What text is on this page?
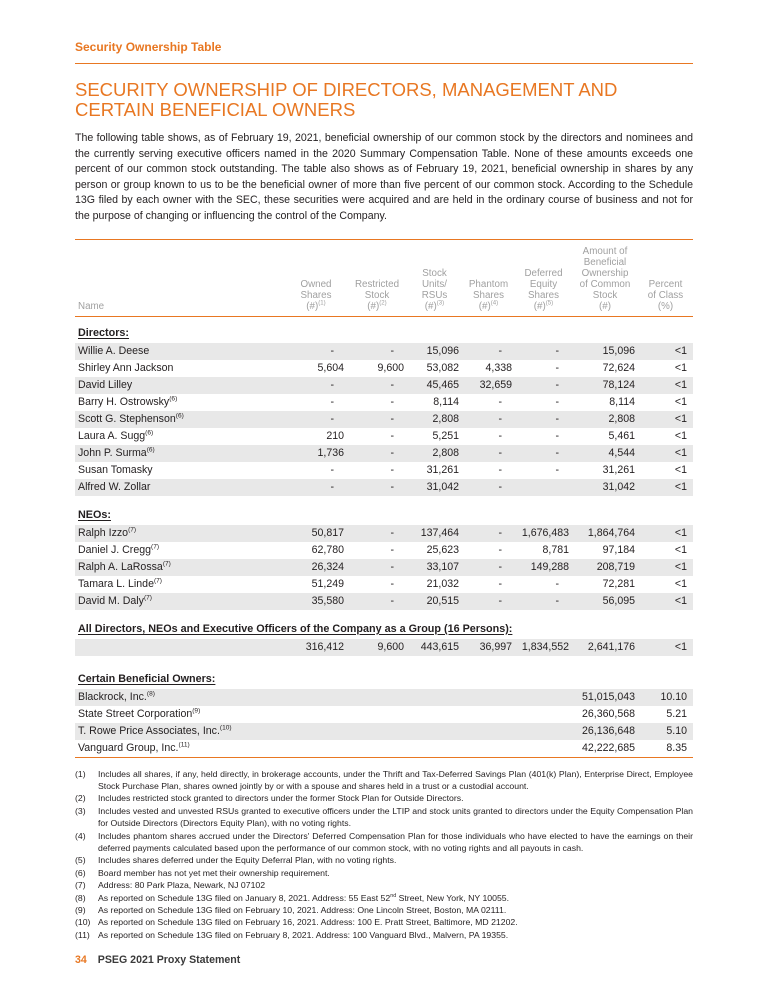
Security Ownership Table
SECURITY OWNERSHIP OF DIRECTORS, MANAGEMENT AND CERTAIN BENEFICIAL OWNERS

The following table shows, as of February 19, 2021, beneficial ownership of our common stock by the directors and nominees and the currently serving executive officers named in the 2020 Summary Compensation Table. None of these amounts exceeds one percent of our common stock outstanding. The table also shows as of February 19, 2021, beneficial ownership in shares by any person or group known to us to be the beneficial owner of more than five percent of our common stock. According to the Schedule 13G filed by each owner with the SEC, these securities were acquired and are held in the ordinary course of business and not for the purpose of changing or influencing the control of the Company.

Name	Owned
Shares
(#)$^{(1)}$	Restricted
Stock
(#)$^{(2)}$	Stock
Units/
RSUs
(#)$^{(3)}$	Phantom
Shares
(#)$^{(4)}$	Deferred
Equity
Shares
(#)$^{(5)}$	Amount of
Beneficial
Ownership
of Common
Stock
(#)	Percent
of Class
(%)
Directors:							
Willie A. Deese	-	-	15,096	-	-	15,096	<1
Shirley Ann Jackson	5,604	9,600	53,082	4,338	-	72,624	<1
David Lilley	-	-	45,465	32,659	-	78,124	<1
Barry H. Ostrowsky$^{(6)}$	-	-	8,114	-	-	8,114	<1
Scott G. Stephenson$^{(6)}$	-	-	2,808	-	-	2,808	<1
Laura A. Sugg$^{(6)}$	210	-	5,251	-	-	5,461	<1
John P. Surma$^{(6)}$	1,736	-	2,808	-	-	4,544	<1
Susan Tomasky	-	-	31,261	-	-	31,261	<1
Alfred W. Zollar	-	-	31,042	-		31,042	<1
NEOs:							
Ralph Izzo$^{(7)}$	50,817	-	137,464	-	1,676,483	1,864,764	<1
Daniel J. Cregg$^{(7)}$	62,780	-	25,623	-	8,781	97,184	<1
Ralph A. LaRossa$^{(7)}$	26,324	-	33,107	-	149,288	208,719	<1
Tamara L. Linde$^{(7)}$	51,249	-	21,032	-	-	72,281	<1
David M. Daly$^{(7)}$	35,580	-	20,515	-	-	56,095	<1
All Directors, NEOs and Executive Officers of the Company as a Group (16 Persons):							
	316,412	9,600	443,615	36,997	1,834,552	2,641,176	<1
Certain Beneficial Owners:							
Blackrock, Inc.$^{(8)}$						51,015,043	10.10
State Street Corporation$^{(9)}$						26,360,568	5.21
T. Rowe Price Associates, Inc.$^{(10)}$						26,136,648	5.10
Vanguard Group, Inc.$^{(11)}$						42,222,685	8.35
(1)	Includes all shares, if any, held directly, in brokerage accounts, under the Thrift and Tax-Deferred Savings Plan (401(k) Plan), Enterprise Direct, Employee Stock Purchase Plan, shares owned jointly by or with a spouse and shares held in a trust or a custodial account.
(2)	Includes restricted stock granted to directors under the former Stock Plan for Outside Directors.
(3)	Includes vested and unvested RSUs granted to executive officers under the LTIP and stock units granted to directors under the Equity Compensation Plan for Outside Directors (Directors Equity Plan), with no voting rights.
(4)	Includes phantom shares accrued under the Directors' Deferred Compensation Plan for those individuals who have elected to have the earnings on their deferred payments calculated based upon the performance of our common stock, with no voting rights and all payouts in cash.
(5)	Includes shares deferred under the Equity Deferral Plan, with no voting rights.
(6)	Board member has not yet met their ownership requirement.
(7)	Address: 80 Park Plaza, Newark, NJ 07102
(8)	As reported on Schedule 13G filed on January 8, 2021. Address: 55 East 52nd Street, New York, NY 10055.
(9)	As reported on Schedule 13G filed on February 10, 2021. Address: One Lincoln Street, Boston, MA 02111.
(10) As reported on Schedule 13G filed on February 16, 2021. Address: 100 E. Pratt Street, Baltimore, MD 21202.
(11) As reported on Schedule 13G filed on February 8, 2021. Address: 100 Vanguard Blvd., Malvern, PA 19355.
34 PSEG 2021 Proxy Statement
